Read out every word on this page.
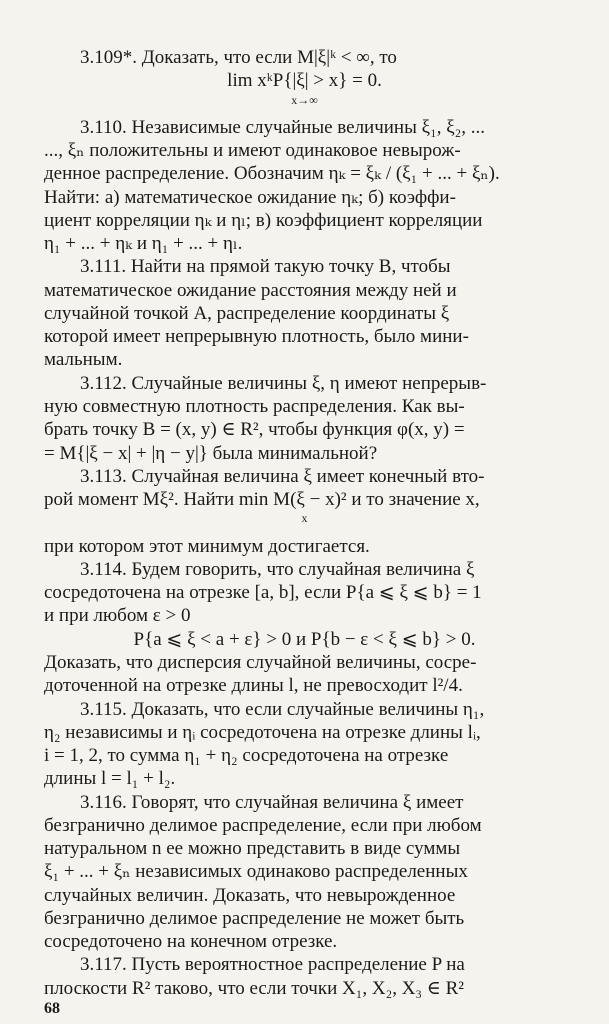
3.109*. Доказать, что если M|ξ|ᵏ < ∞, то
lim xᵏP{|ξ| > x} = 0.
x→∞
3.110. Независимые случайные величины ξ₁, ξ₂, ...
..., ξₙ положительны и имеют одинаковое невырож-
денное распределение. Обозначим ηₖ = ξₖ / (ξ₁ + ... + ξₙ).
Найти: а) математическое ожидание ηₖ; б) коэффи-
циент корреляции ηₖ и ηₗ; в) коэффициент корреляции
η₁ + ... + ηₖ и η₁ + ... + ηₗ.
3.111. Найти на прямой такую точку B, чтобы
математическое ожидание расстояния между ней и
случайной точкой A, распределение координаты ξ
которой имеет непрерывную плотность, было мини-
мальным.
3.112. Случайные величины ξ, η имеют непрерыв-
ную совместную плотность распределения. Как вы-
брать точку B = (x, y) ∈ R², чтобы функция φ(x, y) =
= M{|ξ − x| + |η − y|} была минимальной?
3.113. Случайная величина ξ имеет конечный вто-
рой момент Mξ². Найти min M(ξ − x)² и то значение x,
x
при котором этот минимум достигается.
3.114. Будем говорить, что случайная величина ξ
сосредоточена на отрезке [a, b], если P{a ⩽ ξ ⩽ b} = 1
и при любом ε > 0
P{a ⩽ ξ < a + ε} > 0 и P{b − ε < ξ ⩽ b} > 0.
Доказать, что дисперсия случайной величины, сосре-
доточенной на отрезке длины l, не превосходит l²/4.
3.115. Доказать, что если случайные величины η₁,
η₂ независимы и ηᵢ сосредоточена на отрезке длины lᵢ,
i = 1, 2, то сумма η₁ + η₂ сосредоточена на отрезке
длины l = l₁ + l₂.
3.116. Говорят, что случайная величина ξ имеет
безгранично делимое распределение, если при любом
натуральном n ее можно представить в виде суммы
ξ₁ + ... + ξₙ независимых одинаково распределенных
случайных величин. Доказать, что невырожденное
безгранично делимое распределение не может быть
сосредоточено на конечном отрезке.
3.117. Пусть вероятностное распределение P на
плоскости R² таково, что если точки X₁, X₂, X₃ ∈ R²
68
